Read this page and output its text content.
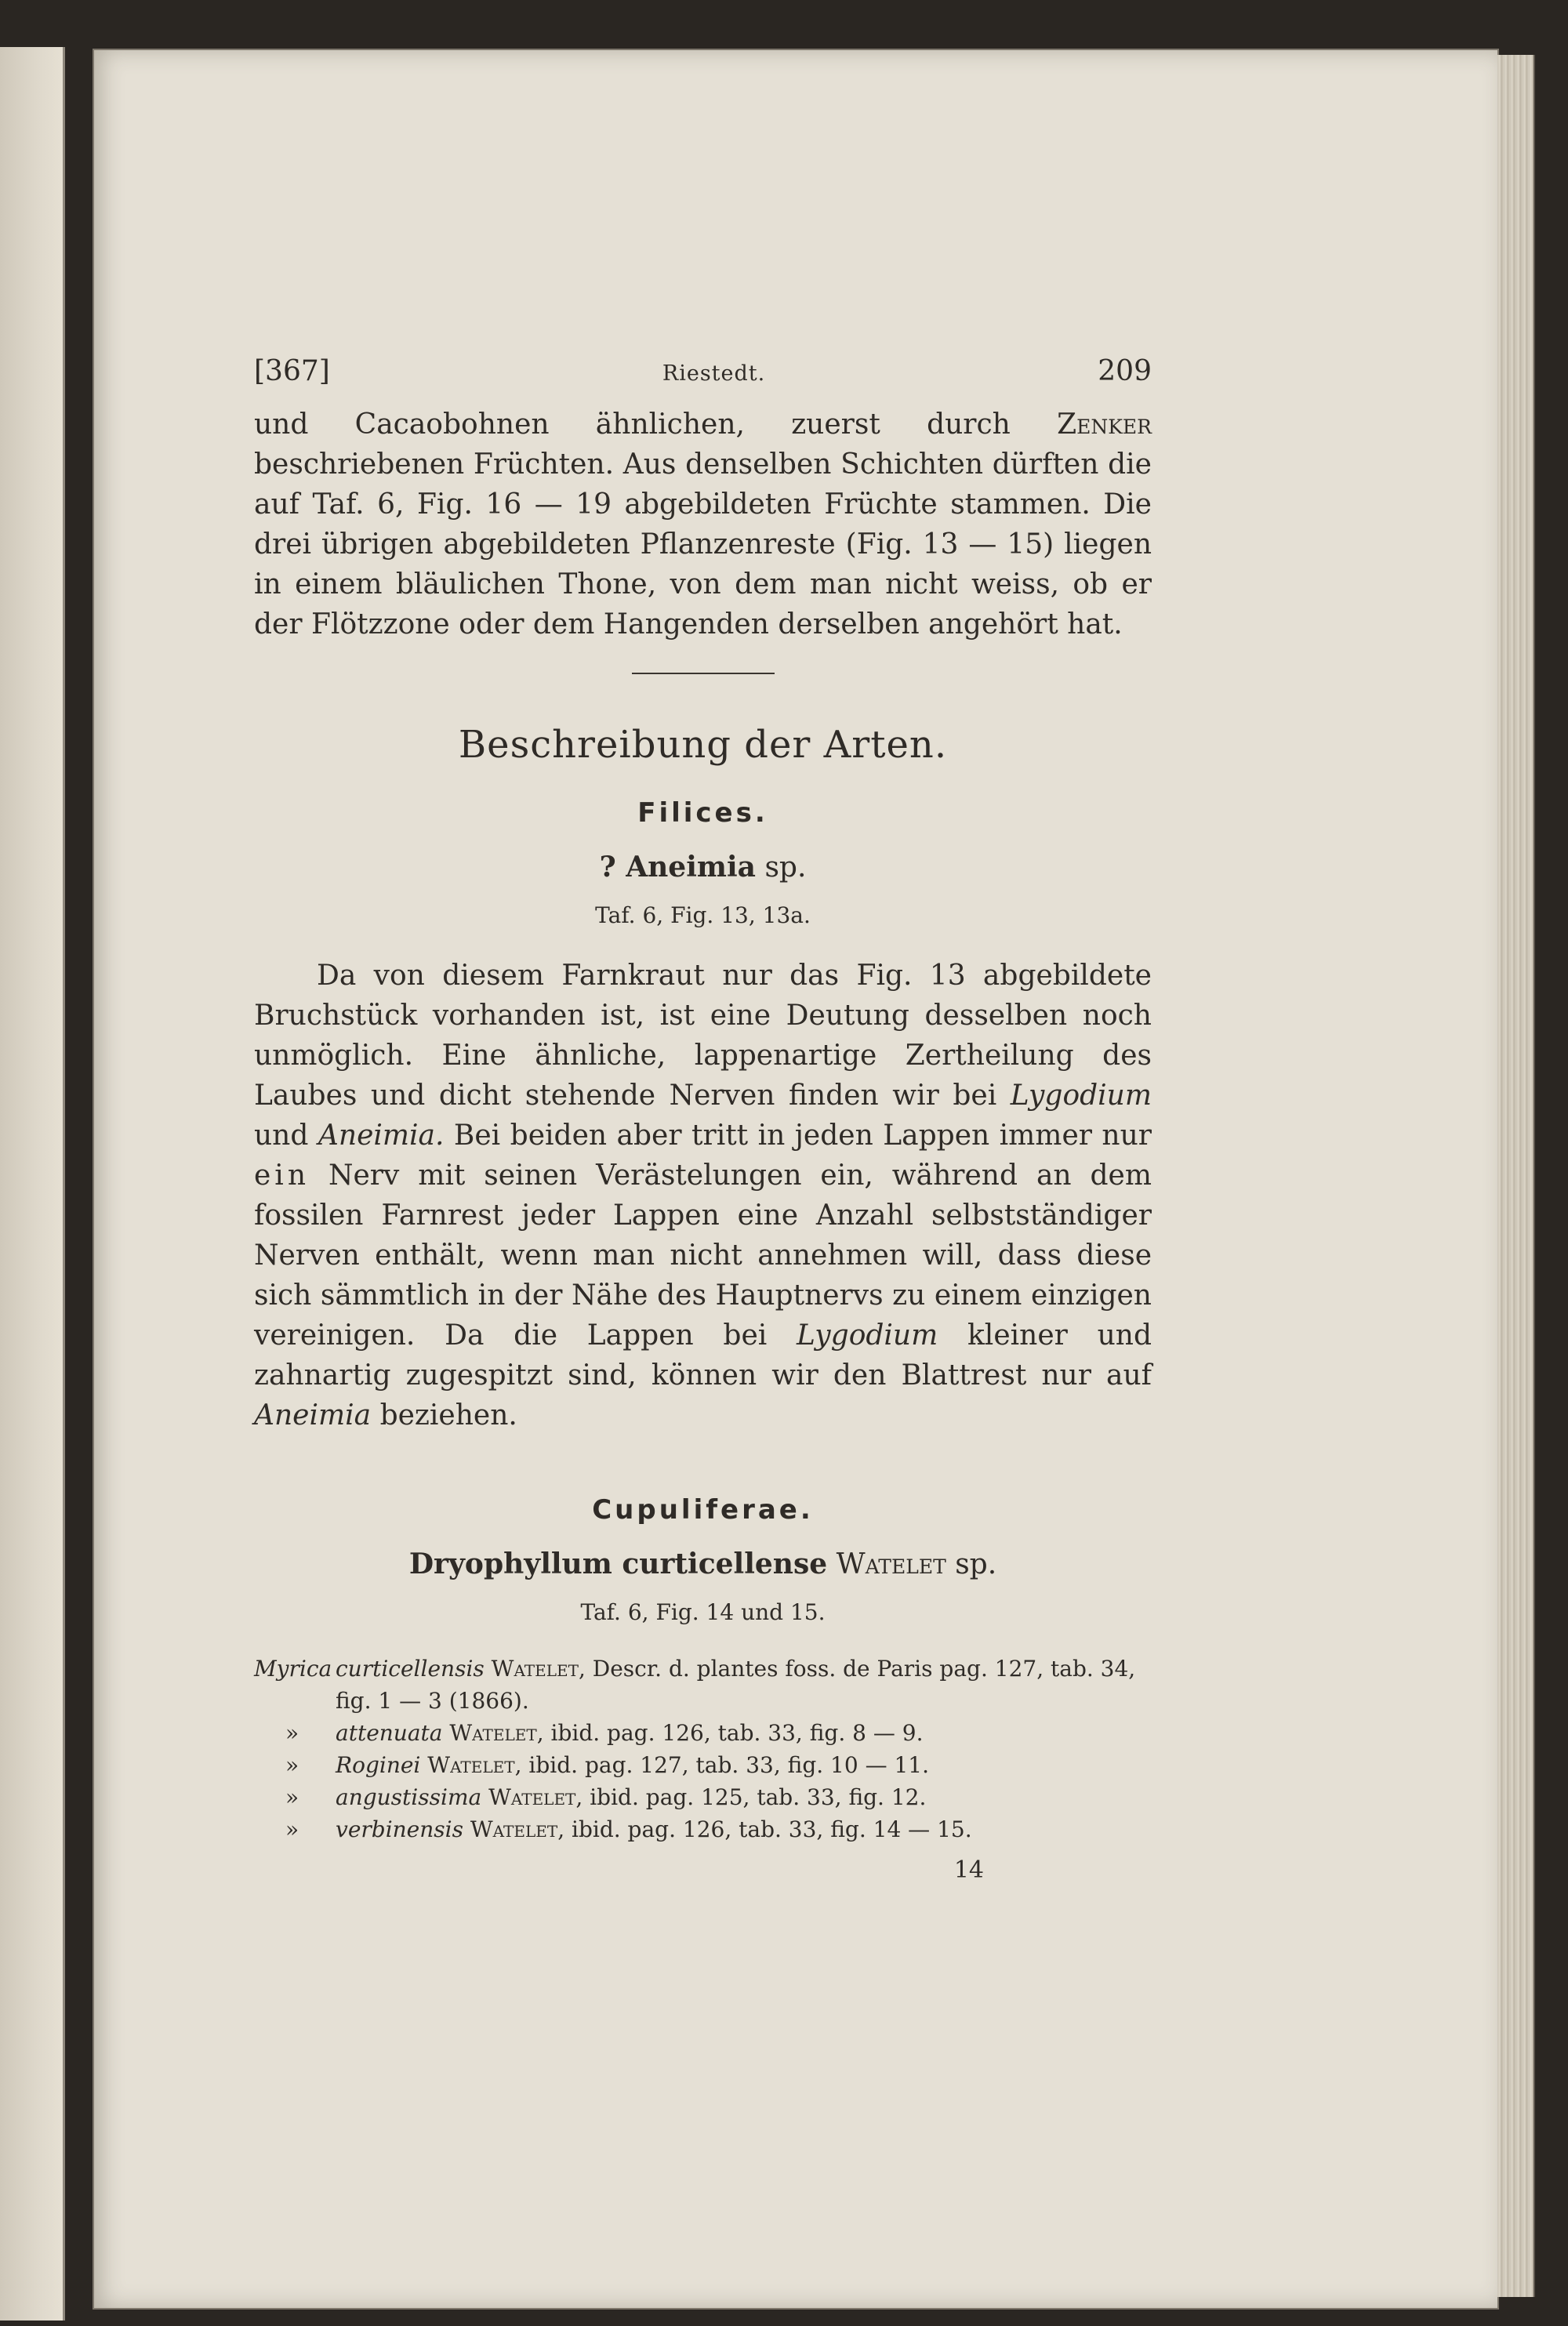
[367]	Riestedt.	209

und Cacaobohnen ähnlichen, zuerst durch Zenker beschriebenen Früchten. Aus denselben Schichten dürften die auf Taf. 6, Fig. 16 — 19 abgebildeten Früchte stammen. Die drei übrigen abgebildeten Pflanzenreste (Fig. 13 — 15) liegen in einem bläulichen Thone, von dem man nicht weiss, ob er der Flötzzone oder dem Hangenden derselben angehört hat.

Beschreibung der Arten.
Filices.
? Aneimia sp.
Taf. 6, Fig. 13, 13a.

Da von diesem Farnkraut nur das Fig. 13 abgebildete Bruchstück vorhanden ist, ist eine Deutung desselben noch unmöglich. Eine ähnliche, lappenartige Zertheilung des Laubes und dicht stehende Nerven finden wir bei Lygodium und Aneimia. Bei beiden aber tritt in jeden Lappen immer nur ein Nerv mit seinen Verästelungen ein, während an dem fossilen Farnrest jeder Lappen eine Anzahl selbstständiger Nerven enthält, wenn man nicht annehmen will, dass diese sich sämmtlich in der Nähe des Hauptnervs zu einem einzigen vereinigen. Da die Lappen bei Lygodium kleiner und zahnartig zugespitzt sind, können wir den Blattrest nur auf Aneimia beziehen.

Cupuliferae.
Dryophyllum curticellense Watelet sp.
Taf. 6, Fig. 14 und 15.
Myrica curticellensis Watelet, Descr. d. plantes foss. de Paris pag. 127, tab. 34,
fig. 1 — 3 (1866).
»	attenuata Watelet, ibid. pag. 126, tab. 33, fig. 8 — 9.
»	Roginei Watelet, ibid. pag. 127, tab. 33, fig. 10 — 11.
»	angustissima Watelet, ibid. pag. 125, tab. 33, fig. 12.
»	verbinensis Watelet, ibid. pag. 126, tab. 33, fig. 14 — 15.
14
